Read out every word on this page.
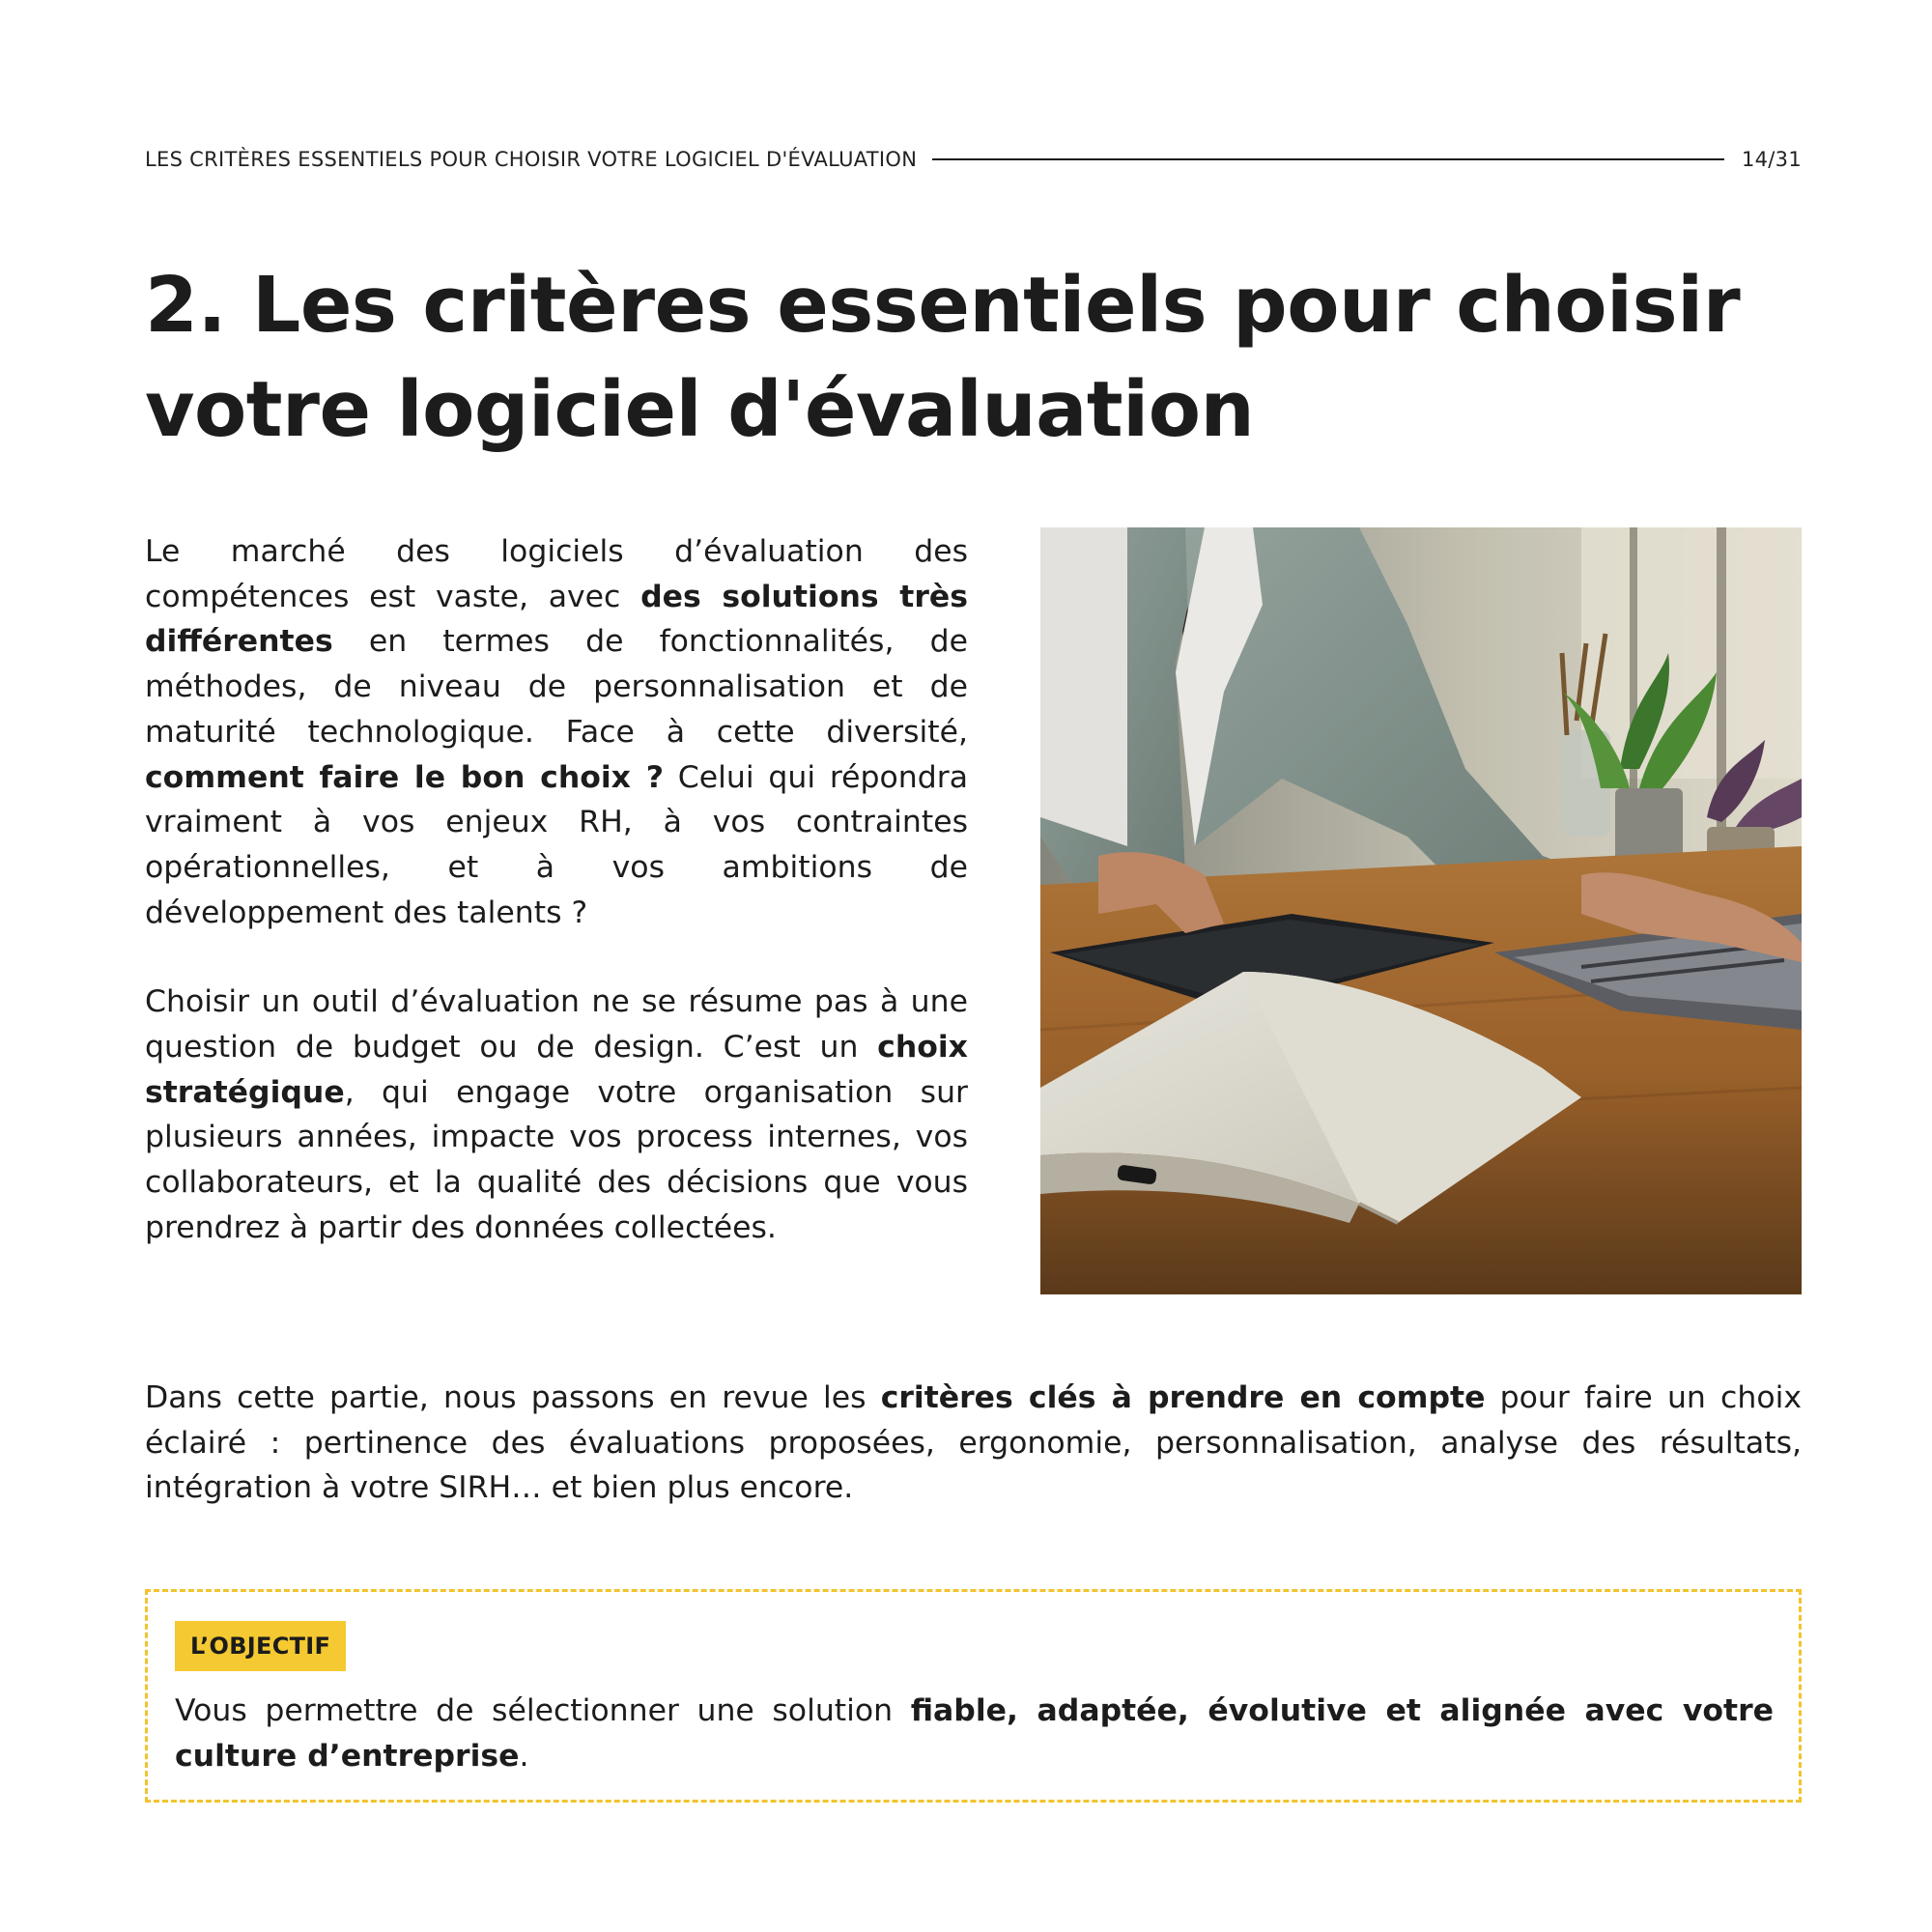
LES CRITÈRES ESSENTIELS POUR CHOISIR VOTRE LOGICIEL D'ÉVALUATION	14/31
2. Les critères essentiels pour choisir
votre logiciel d'évaluation

Le marché des logiciels d’évaluation des compétences est vaste, avec des solutions très différentes en termes de fonctionnalités, de méthodes, de niveau de personnalisation et de maturité technologique. Face à cette diversité, comment faire le bon choix ? Celui qui répondra vraiment à vos enjeux RH, à vos contraintes opérationnelles, et à vos ambitions de développement des talents ?

Choisir un outil d’évaluation ne se résume pas à une question de budget ou de design. C’est un choix stratégique, qui engage votre organisation sur plusieurs années, impacte vos process internes, vos collaborateurs, et la qualité des décisions que vous prendrez à partir des données collectées.

Dans cette partie, nous passons en revue les critères clés à prendre en compte pour faire un choix éclairé : pertinence des évaluations proposées, ergonomie, personnalisation, analyse des résultats, intégration à votre SIRH… et bien plus encore.

L’OBJECTIF

Vous permettre de sélectionner une solution fiable, adaptée, évolutive et alignée avec votre culture d’entreprise.
